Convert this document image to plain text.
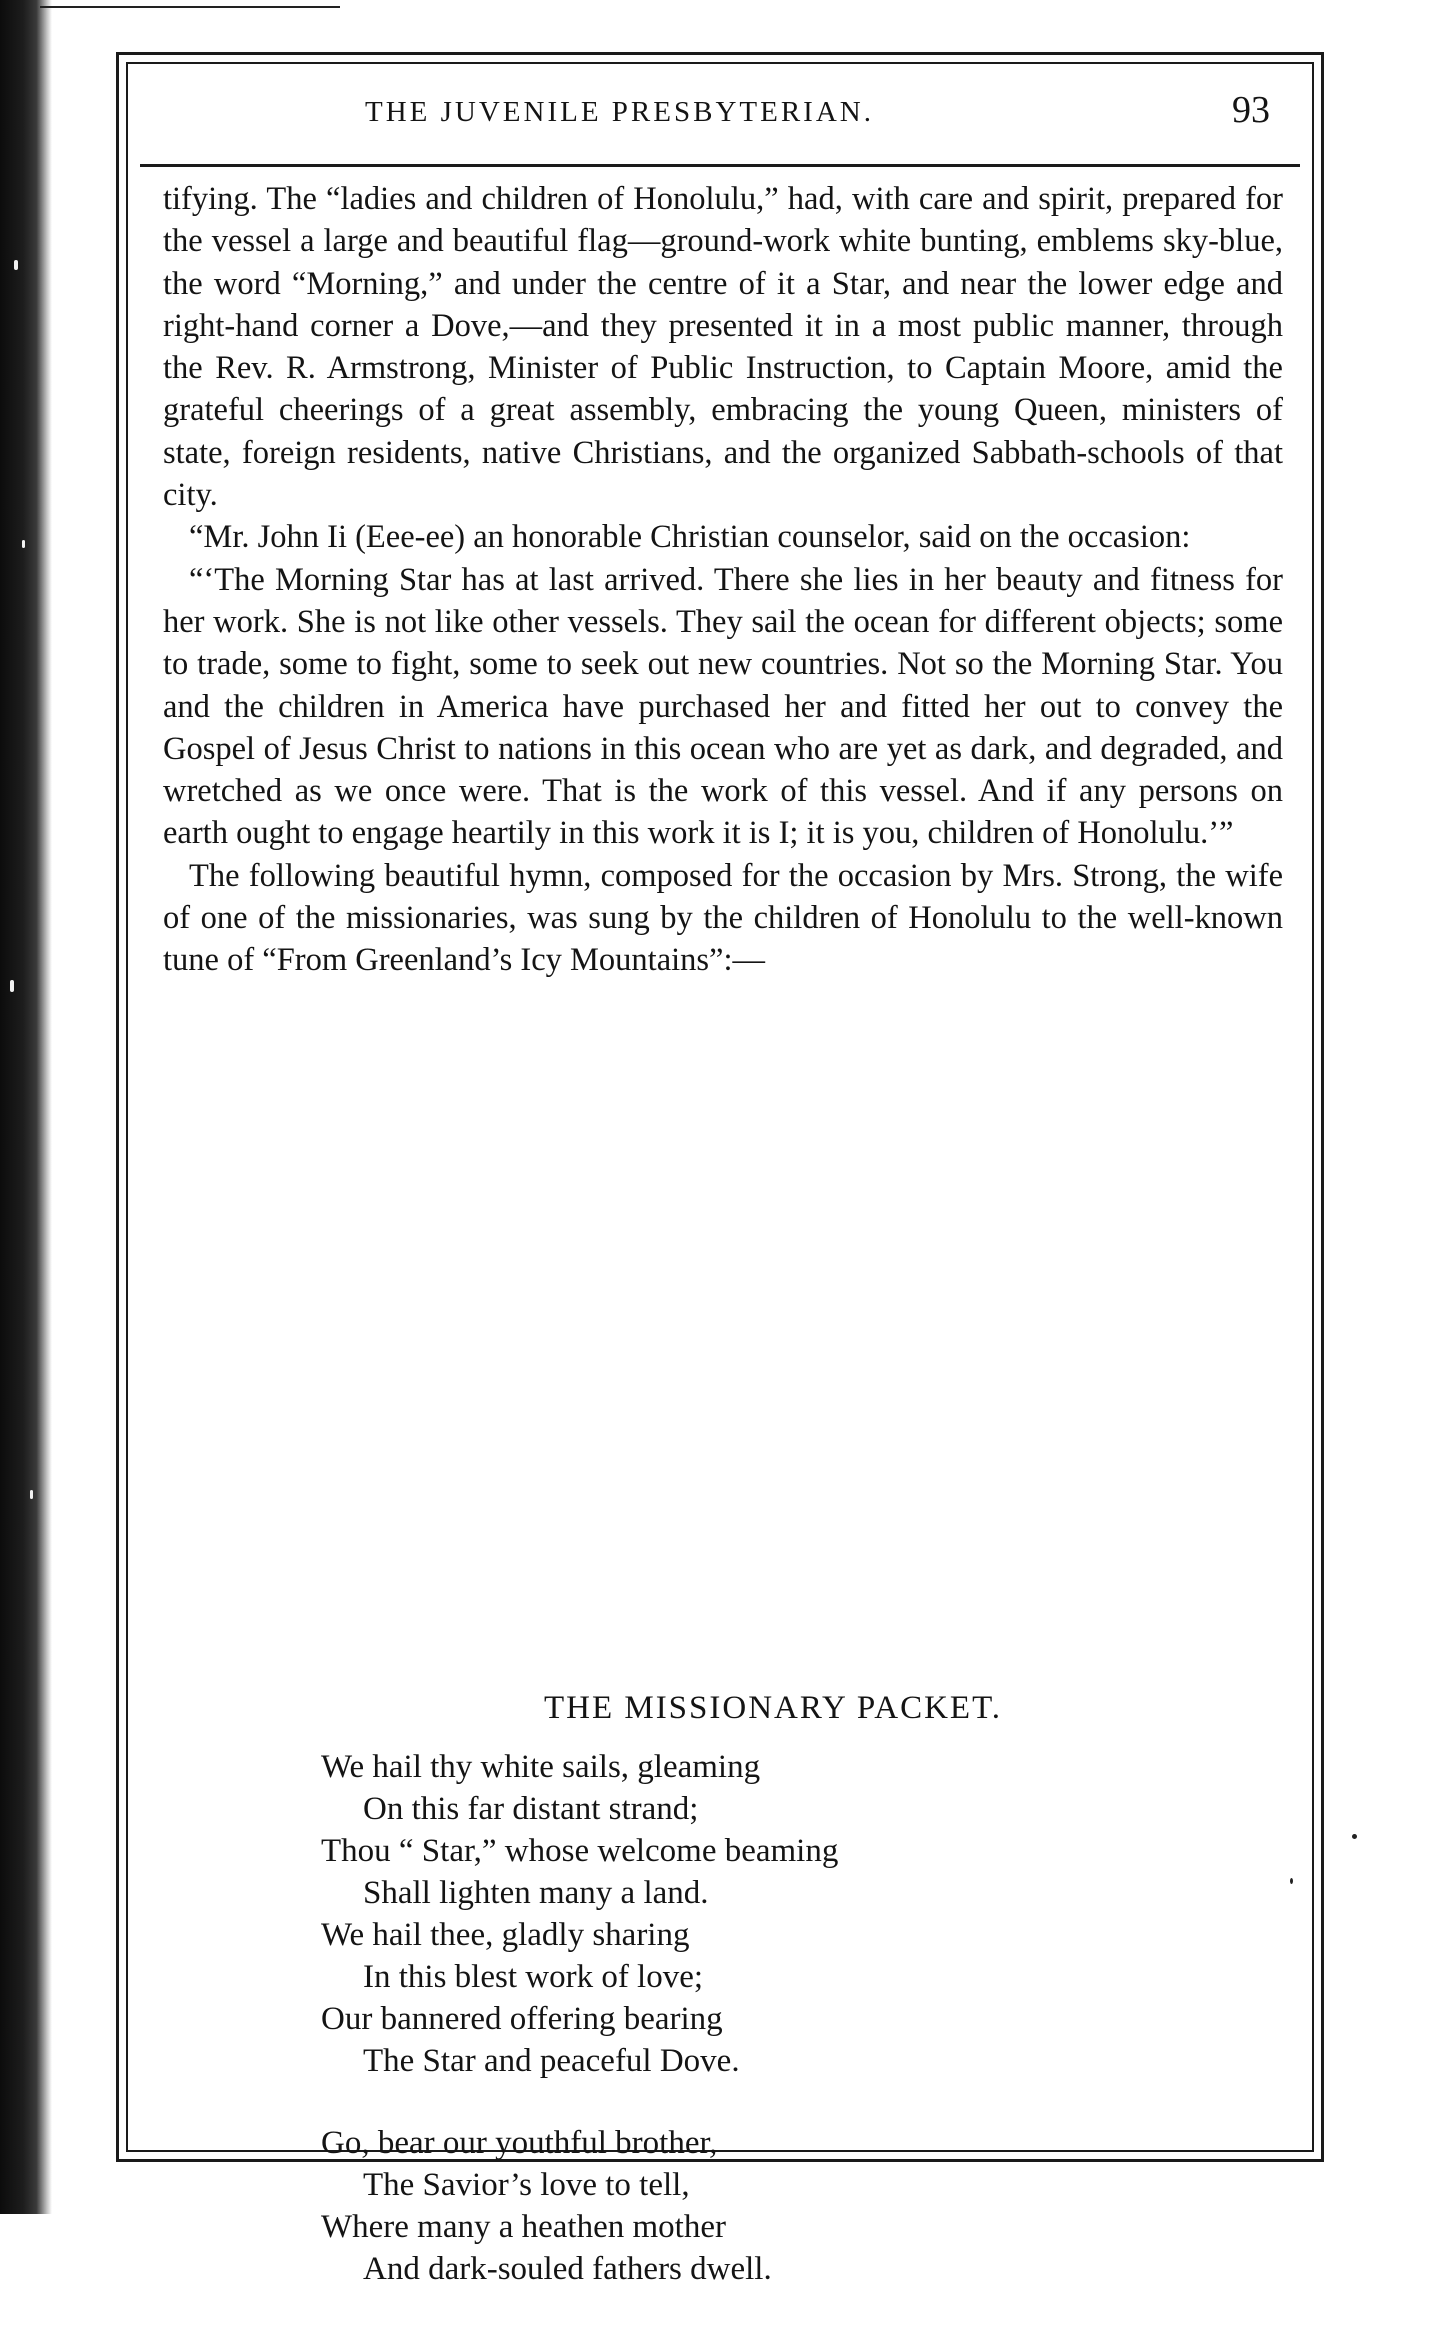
THE JUVENILE PRESBYTERIAN.	93

tifying. The “ladies and children of Honolulu,” had, with care and spirit, prepared for the vessel a large and beautiful flag—ground-work white bunting, emblems sky-blue, the word “Morning,” and under the centre of it a Star, and near the lower edge and right-hand corner a Dove,—and they presented it in a most public manner, through the Rev. R. Armstrong, Minister of Public Instruction, to Captain Moore, amid the grateful cheerings of a great assembly, embracing the young Queen, ministers of state, foreign residents, native Christians, and the organized Sabbath-schools of that city.

“Mr. John Ii (Eee-ee) an honorable Christian counselor, said on the occasion:

“‘The Morning Star has at last arrived. There she lies in her beauty and fitness for her work. She is not like other vessels. They sail the ocean for different objects; some to trade, some to fight, some to seek out new countries. Not so the Morning Star. You and the children in America have purchased her and fitted her out to convey the Gospel of Jesus Christ to nations in this ocean who are yet as dark, and degraded, and wretched as we once were. That is the work of this vessel. And if any persons on earth ought to engage heartily in this work it is I; it is you, children of Honolulu.’”

The following beautiful hymn, composed for the occasion by Mrs. Strong, the wife of one of the missionaries, was sung by the children of Honolulu to the well-known tune of “From Greenland’s Icy Mountains”:—

THE MISSIONARY PACKET.
We hail thy white sails, gleaming
On this far distant strand;
Thou “ Star,” whose welcome beaming
Shall lighten many a land.
We hail thee, gladly sharing
In this blest work of love;
Our bannered offering bearing
The Star and peaceful Dove.
Go, bear our youthful brother,
The Savior’s love to tell,
Where many a heathen mother
And dark-souled fathers dwell.
